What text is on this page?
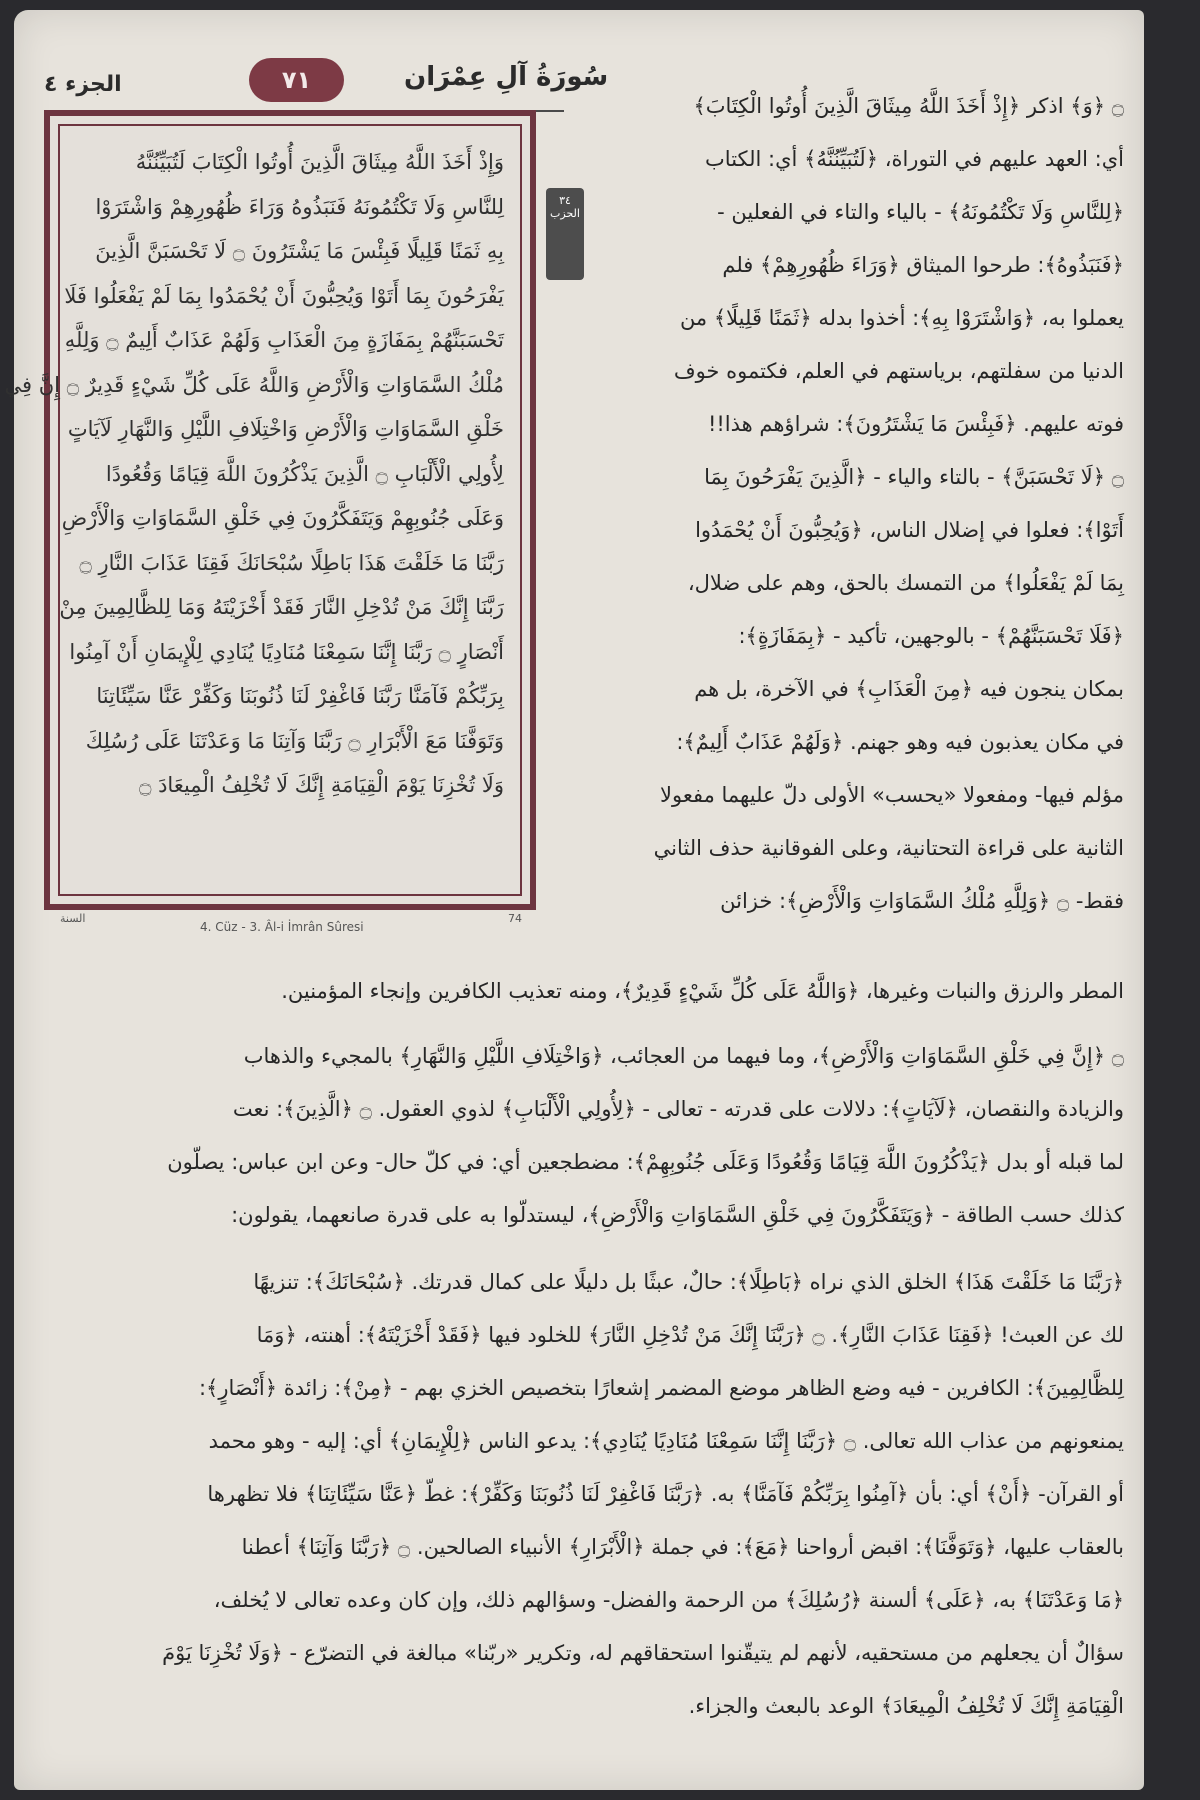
الجزء ٤	٧١	سُورَةُ آلِ عِمْرَان
وَإِذْ أَخَذَ اللَّهُ مِيثَاقَ الَّذِينَ أُوتُوا الْكِتَابَ لَتُبَيِّنُنَّهُ
لِلنَّاسِ وَلَا تَكْتُمُونَهُ فَنَبَذُوهُ وَرَاءَ ظُهُورِهِمْ وَاشْتَرَوْا
بِهِ ثَمَنًا قَلِيلًا فَبِئْسَ مَا يَشْتَرُونَ ۝ لَا تَحْسَبَنَّ الَّذِينَ
يَفْرَحُونَ بِمَا أَتَوْا وَيُحِبُّونَ أَنْ يُحْمَدُوا بِمَا لَمْ يَفْعَلُوا فَلَا
تَحْسَبَنَّهُمْ بِمَفَازَةٍ مِنَ الْعَذَابِ وَلَهُمْ عَذَابٌ أَلِيمٌ ۝ وَلِلَّهِ
مُلْكُ السَّمَاوَاتِ وَالْأَرْضِ وَاللَّهُ عَلَى كُلِّ شَيْءٍ قَدِيرٌ ۝ إِنَّ فِي
خَلْقِ السَّمَاوَاتِ وَالْأَرْضِ وَاخْتِلَافِ اللَّيْلِ وَالنَّهَارِ لَآيَاتٍ
لِأُولِي الْأَلْبَابِ ۝ الَّذِينَ يَذْكُرُونَ اللَّهَ قِيَامًا وَقُعُودًا
وَعَلَى جُنُوبِهِمْ وَيَتَفَكَّرُونَ فِي خَلْقِ السَّمَاوَاتِ وَالْأَرْضِ
رَبَّنَا مَا خَلَقْتَ هَذَا بَاطِلًا سُبْحَانَكَ فَقِنَا عَذَابَ النَّارِ ۝
رَبَّنَا إِنَّكَ مَنْ تُدْخِلِ النَّارَ فَقَدْ أَخْزَيْتَهُ وَمَا لِلظَّالِمِينَ مِنْ
أَنْصَارٍ ۝ رَبَّنَا إِنَّنَا سَمِعْنَا مُنَادِيًا يُنَادِي لِلْإِيمَانِ أَنْ آمِنُوا
بِرَبِّكُمْ فَآمَنَّا رَبَّنَا فَاغْفِرْ لَنَا ذُنُوبَنَا وَكَفِّرْ عَنَّا سَيِّئَاتِنَا
وَتَوَفَّنَا مَعَ الْأَبْرَارِ ۝ رَبَّنَا وَآتِنَا مَا وَعَدْتَنَا عَلَى رُسُلِكَ
وَلَا تُخْزِنَا يَوْمَ الْقِيَامَةِ إِنَّكَ لَا تُخْلِفُ الْمِيعَادَ ۝
السنة
4. Cüz - 3. Âl-i İmrân Sûresi
74
٣٤ الحزب
۝ ﴿وَ﴾ اذكر ﴿إِذْ أَخَذَ اللَّهُ مِيثَاقَ الَّذِينَ أُوتُوا الْكِتَابَ﴾
أي: العهد عليهم في التوراة، ﴿لَتُبَيِّنُنَّهُ﴾ أي: الكتاب
﴿لِلنَّاسِ وَلَا تَكْتُمُونَهُ﴾ - بالياء والتاء في الفعلين -
﴿فَنَبَذُوهُ﴾: طرحوا الميثاق ﴿وَرَاءَ ظُهُورِهِمْ﴾ فلم
يعملوا به، ﴿وَاشْتَرَوْا بِهِ﴾: أخذوا بدله ﴿ثَمَنًا قَلِيلًا﴾ من
الدنيا من سفلتهم، برياستهم في العلم، فكتموه خوف
فوته عليهم. ﴿فَبِئْسَ مَا يَشْتَرُونَ﴾: شراؤهم هذا!!
۝ ﴿لَا تَحْسَبَنَّ﴾ - بالتاء والياء - ﴿الَّذِينَ يَفْرَحُونَ بِمَا
أَتَوْا﴾: فعلوا في إضلال الناس، ﴿وَيُحِبُّونَ أَنْ يُحْمَدُوا
بِمَا لَمْ يَفْعَلُوا﴾ من التمسك بالحق، وهم على ضلال،
﴿فَلَا تَحْسَبَنَّهُمْ﴾ - بالوجهين، تأكيد - ﴿بِمَفَازَةٍ﴾:
بمكان ينجون فيه ﴿مِنَ الْعَذَابِ﴾ في الآخرة، بل هم
في مكان يعذبون فيه وهو جهنم. ﴿وَلَهُمْ عَذَابٌ أَلِيمٌ﴾:
مؤلم فيها- ومفعولا «يحسب» الأولى دلّ عليهما مفعولا
الثانية على قراءة التحتانية، وعلى الفوقانية حذف الثاني
فقط- ۝ ﴿وَلِلَّهِ مُلْكُ السَّمَاوَاتِ وَالْأَرْضِ﴾: خزائن
المطر والرزق والنبات وغيرها، ﴿وَاللَّهُ عَلَى كُلِّ شَيْءٍ قَدِيرٌ﴾، ومنه تعذيب الكافرين وإنجاء المؤمنين.
۝ ﴿إِنَّ فِي خَلْقِ السَّمَاوَاتِ وَالْأَرْضِ﴾، وما فيهما من العجائب، ﴿وَاخْتِلَافِ اللَّيْلِ وَالنَّهَارِ﴾ بالمجيء والذهاب
والزيادة والنقصان، ﴿لَآيَاتٍ﴾: دلالات على قدرته - تعالى - ﴿لِأُولِي الْأَلْبَابِ﴾ لذوي العقول. ۝ ﴿الَّذِينَ﴾: نعت
لما قبله أو بدل ﴿يَذْكُرُونَ اللَّهَ قِيَامًا وَقُعُودًا وَعَلَى جُنُوبِهِمْ﴾: مضطجعين أي: في كلّ حال- وعن ابن عباس: يصلّون
كذلك حسب الطاقة - ﴿وَيَتَفَكَّرُونَ فِي خَلْقِ السَّمَاوَاتِ وَالْأَرْضِ﴾، ليستدلّوا به على قدرة صانعهما، يقولون:
﴿رَبَّنَا مَا خَلَقْتَ هَذَا﴾ الخلق الذي نراه ﴿بَاطِلًا﴾: حالٌ، عبثًا بل دليلًا على كمال قدرتك. ﴿سُبْحَانَكَ﴾: تنزيهًا
لك عن العبث! ﴿فَقِنَا عَذَابَ النَّارِ﴾. ۝ ﴿رَبَّنَا إِنَّكَ مَنْ تُدْخِلِ النَّارَ﴾ للخلود فيها ﴿فَقَدْ أَخْزَيْتَهُ﴾: أهنته، ﴿وَمَا
لِلظَّالِمِينَ﴾: الكافرين - فيه وضع الظاهر موضع المضمر إشعارًا بتخصيص الخزي بهم - ﴿مِنْ﴾: زائدة ﴿أَنْصَارٍ﴾:
يمنعونهم من عذاب الله تعالى. ۝ ﴿رَبَّنَا إِنَّنَا سَمِعْنَا مُنَادِيًا يُنَادِي﴾: يدعو الناس ﴿لِلْإِيمَانِ﴾ أي: إليه - وهو محمد
أو القرآن- ﴿أَنْ﴾ أي: بأن ﴿آمِنُوا بِرَبِّكُمْ فَآمَنَّا﴾ به. ﴿رَبَّنَا فَاغْفِرْ لَنَا ذُنُوبَنَا وَكَفِّرْ﴾: غطّ ﴿عَنَّا سَيِّئَاتِنَا﴾ فلا تظهرها
بالعقاب عليها، ﴿وَتَوَفَّنَا﴾: اقبض أرواحنا ﴿مَعَ﴾: في جملة ﴿الْأَبْرَارِ﴾ الأنبياء الصالحين. ۝ ﴿رَبَّنَا وَآتِنَا﴾ أعطنا
﴿مَا وَعَدْتَنَا﴾ به، ﴿عَلَى﴾ ألسنة ﴿رُسُلِكَ﴾ من الرحمة والفضل- وسؤالهم ذلك، وإن كان وعده تعالى لا يُخلف،
سؤالٌ أن يجعلهم من مستحقيه، لأنهم لم يتيقّنوا استحقاقهم له، وتكرير «ربّنا» مبالغة في التضرّع - ﴿وَلَا تُخْزِنَا يَوْمَ
الْقِيَامَةِ إِنَّكَ لَا تُخْلِفُ الْمِيعَادَ﴾ الوعد بالبعث والجزاء.
